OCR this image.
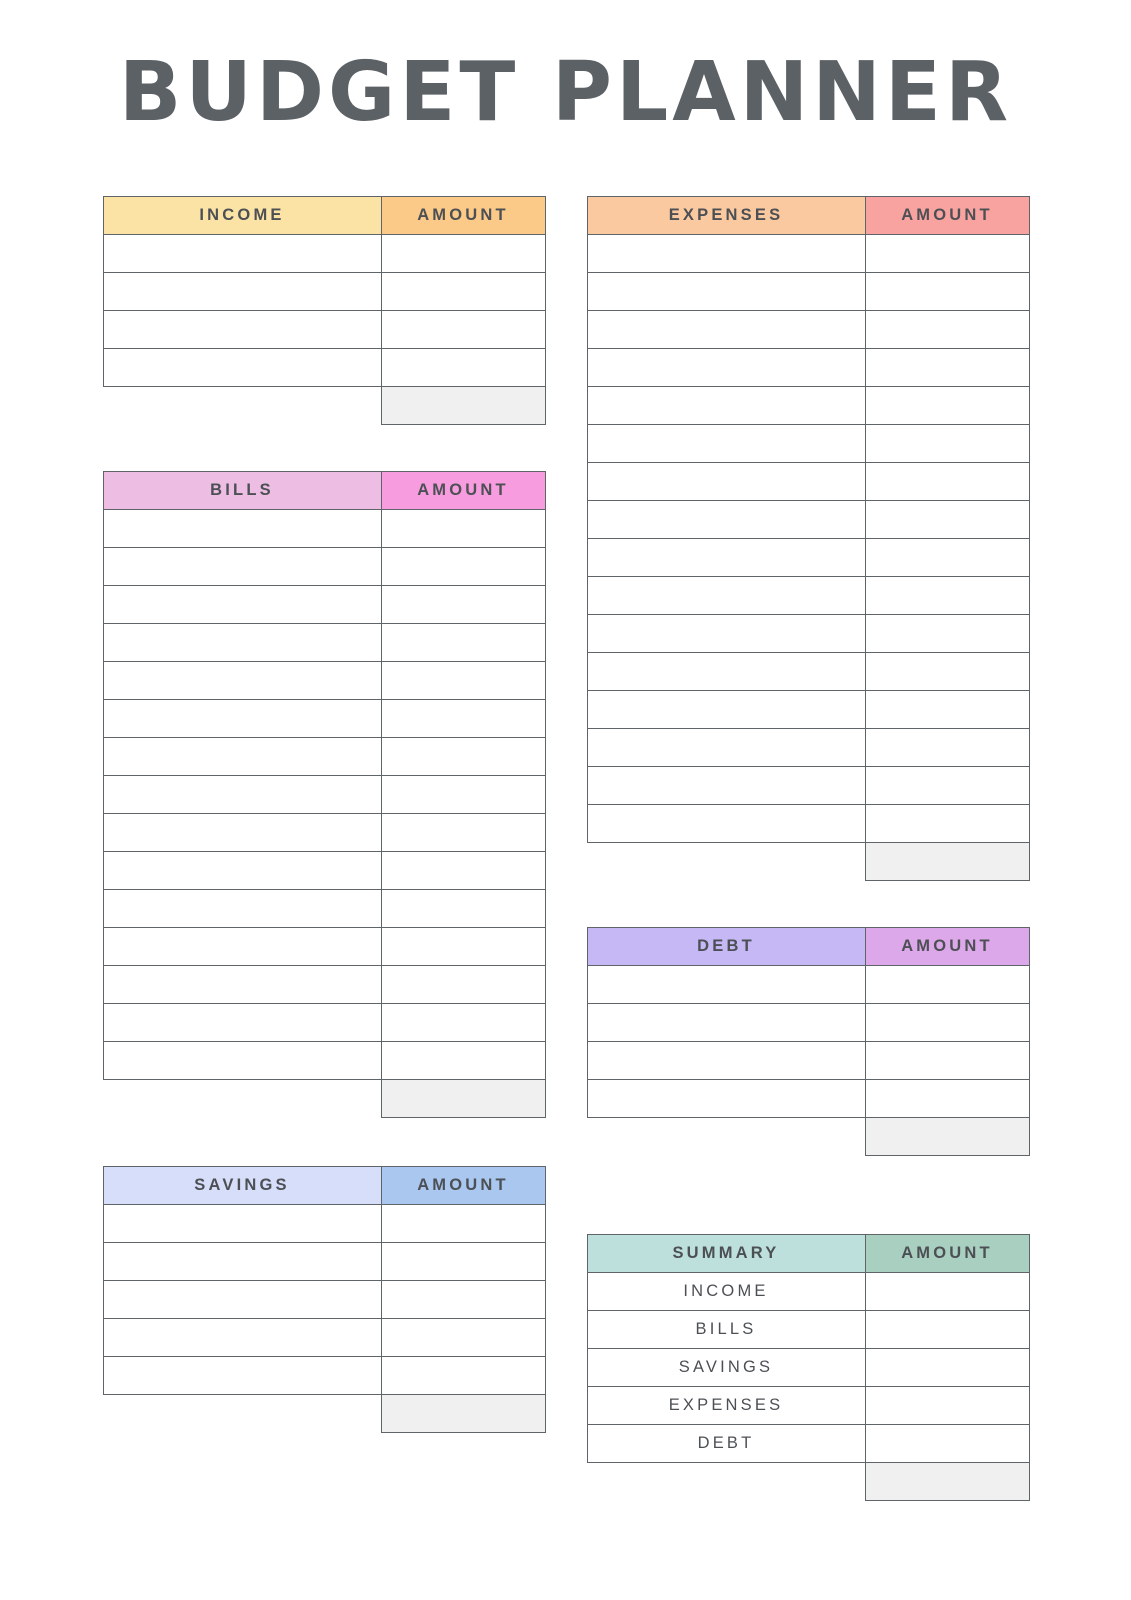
BUDGET PLANNER
INCOME	AMOUNT

BILLS	AMOUNT

SAVINGS	AMOUNT

EXPENSES	AMOUNT

DEBT	AMOUNT

SUMMARY	AMOUNT
INCOME	
BILLS	
SAVINGS	
EXPENSES	
DEBT	
